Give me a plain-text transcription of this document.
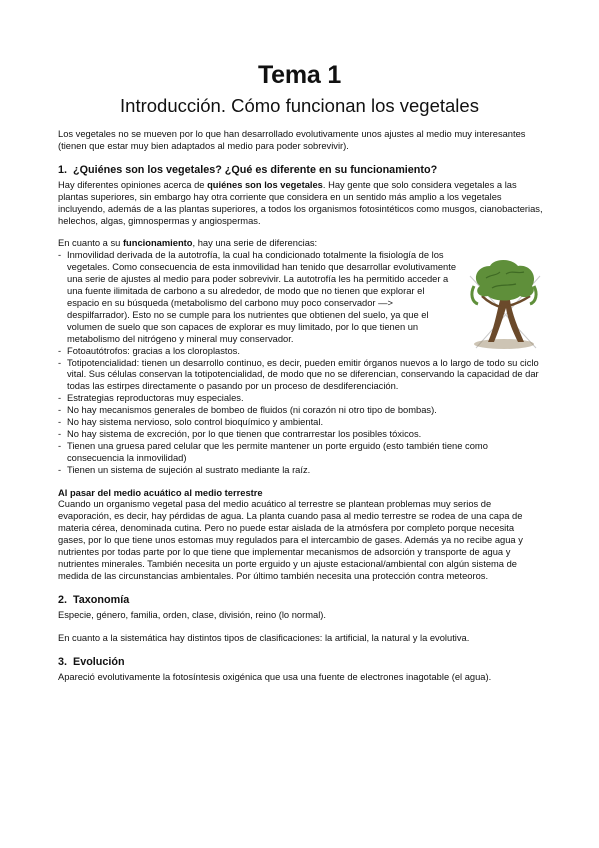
Tema 1
Introducción. Cómo funcionan los vegetales

Los vegetales no se mueven por lo que han desarrollado evolutivamente unos ajustes al medio muy interesantes (tienen que estar muy bien adaptados al medio para poder sobrevivir).

1. ¿Quiénes son los vegetales? ¿Qué es diferente en su funcionamiento?

Hay diferentes opiniones acerca de quiénes son los vegetales. Hay gente que solo considera vegetales a las plantas superiores, sin embargo hay otra corriente que considera en un sentido más amplio a los vegetales incluyendo, además de a las plantas superiores, a todos los organismos fotosintéticos como musgos, cianobacterias, helechos, algas, gimnospermas y angiospermas.

En cuanto a su funcionamiento, hay una serie de diferencias:

- Inmovilidad derivada de la autotrofía, la cual ha condicionado totalmente la fisiología de los vegetales. Como consecuencia de esta inmovilidad han tenido que desarrollar evolutivamente una serie de ajustes al medio para poder sobrevivir. La autotrofía les ha permitido acceder a una fuente ilimitada de carbono a su alrededor, de modo que no tienen que explorar el espacio en su búsqueda (metabolismo del carbono muy poco conservador —> despilfarrador). Esto no se cumple para los nutrientes que obtienen del suelo, ya que el volumen de suelo que son capaces de explorar es muy limitado, por lo que tienen un metabolismo del nitrógeno y mineral muy conservador.
- Fotoautótrofos: gracias a los cloroplastos.
- Totipotencialidad: tienen un desarrollo continuo, es decir, pueden emitir órganos nuevos a lo largo de todo su ciclo vital. Sus células conservan la totipotencialidad, de modo que no se diferencian, conservando la capacidad de dar todas las estirpes directamente o pasando por un proceso de desdiferenciación.
- Estrategias reproductoras muy especiales.
- No hay mecanismos generales de bombeo de fluidos (ni corazón ni otro tipo de bombas).
- No hay sistema nervioso, solo control bioquímico y ambiental.
- No hay sistema de excreción, por lo que tienen que contrarrestar los posibles tóxicos.
- Tienen una gruesa pared celular que les permite mantener un porte erguido (esto también tiene como consecuencia la inmovilidad)
- Tienen un sistema de sujeción al sustrato mediante la raíz.
Al pasar del medio acuático al medio terrestre

Cuando un organismo vegetal pasa del medio acuático al terrestre se plantean problemas muy serios de evaporación, es decir, hay pérdidas de agua. La planta cuando pasa al medio terrestre se rodea de una capa de materia cérea, denominada cutina. Pero no puede estar aislada de la atmósfera por completo porque necesita gases, por lo que tiene unos estomas muy regulados para el intercambio de gases. Además ya no recibe agua y nutrientes por todas parte por lo que tiene que implementar mecanismos de adsorción y transporte de agua y nutrientes minerales. También necesita un porte erguido y un ajuste estacional/ambiental con algún sistema de medida de las circunstancias ambientales. Por último también necesita una protección contra meteoros.

2. Taxonomía

Especie, género, familia, orden, clase, división, reino (lo normal).

En cuanto a la sistemática hay distintos tipos de clasificaciones: la artificial, la natural y la evolutiva.

3. Evolución

Apareció evolutivamente la fotosíntesis oxigénica que usa una fuente de electrones inagotable (el agua).
